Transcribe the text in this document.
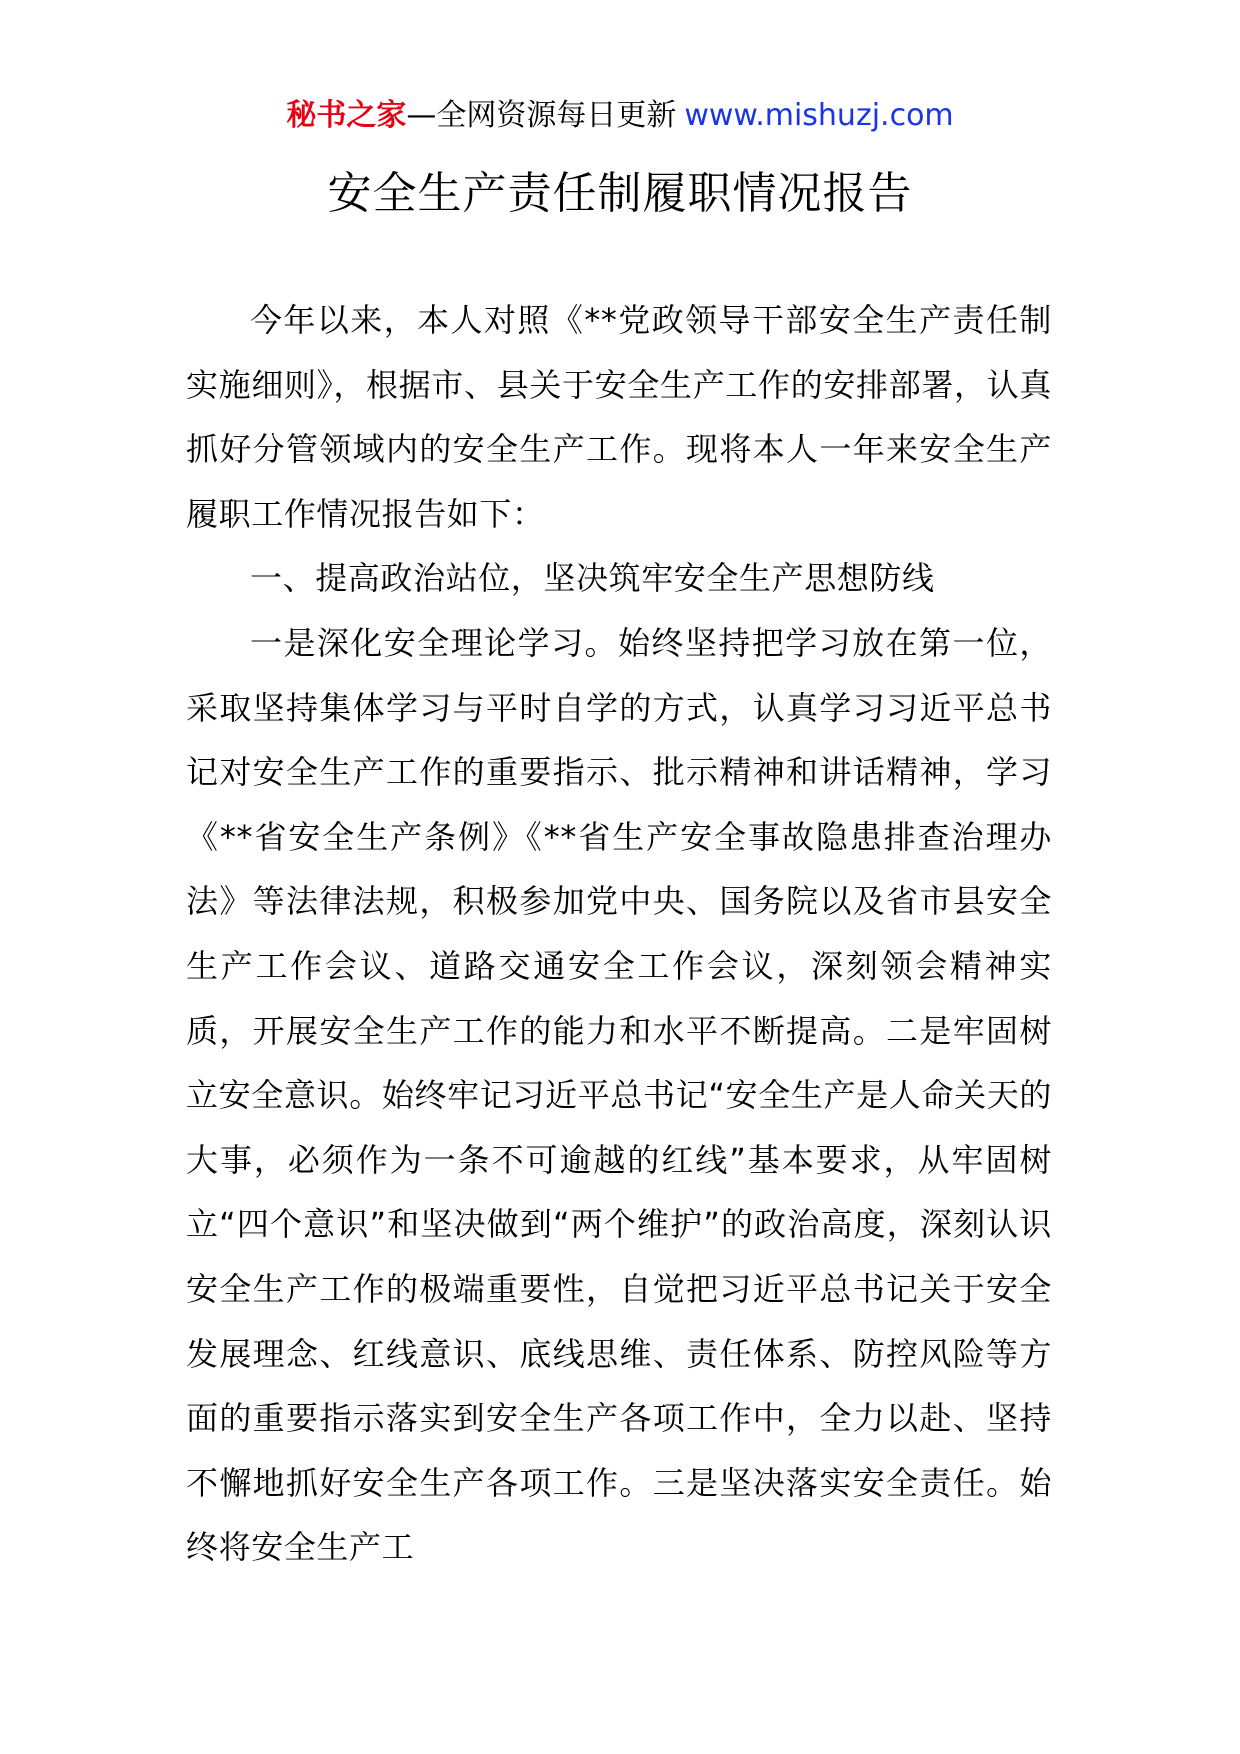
秘书之家—全网资源每日更新 www.mishuzj.com
安全生产责任制履职情况报告

今年以来，本人对照《**党政领导干部安全生产责任制实施细则》，根据市、县关于安全生产工作的安排部署，认真抓好分管领域内的安全生产工作。现将本人一年来安全生产履职工作情况报告如下：

一、提高政治站位，坚决筑牢安全生产思想防线

一是深化安全理论学习。始终坚持把学习放在第一位，采取坚持集体学习与平时自学的方式，认真学习习近平总书记对安全生产工作的重要指示、批示精神和讲话精神，学习《**省安全生产条例》《**省生产安全事故隐患排查治理办法》等法律法规，积极参加党中央、国务院以及省市县安全生产工作会议、道路交通安全工作会议，深刻领会精神实质，开展安全生产工作的能力和水平不断提高。二是牢固树立安全意识。始终牢记习近平总书记“安全生产是人命关天的大事，必须作为一条不可逾越的红线”基本要求，从牢固树立“四个意识”和坚决做到“两个维护”的政治高度，深刻认识安全生产工作的极端重要性，自觉把习近平总书记关于安全发展理念、红线意识、底线思维、责任体系、防控风险等方面的重要指示落实到安全生产各项工作中，全力以赴、坚持不懈地抓好安全生产各项工作。三是坚决落实安全责任。始终将安全生产工
